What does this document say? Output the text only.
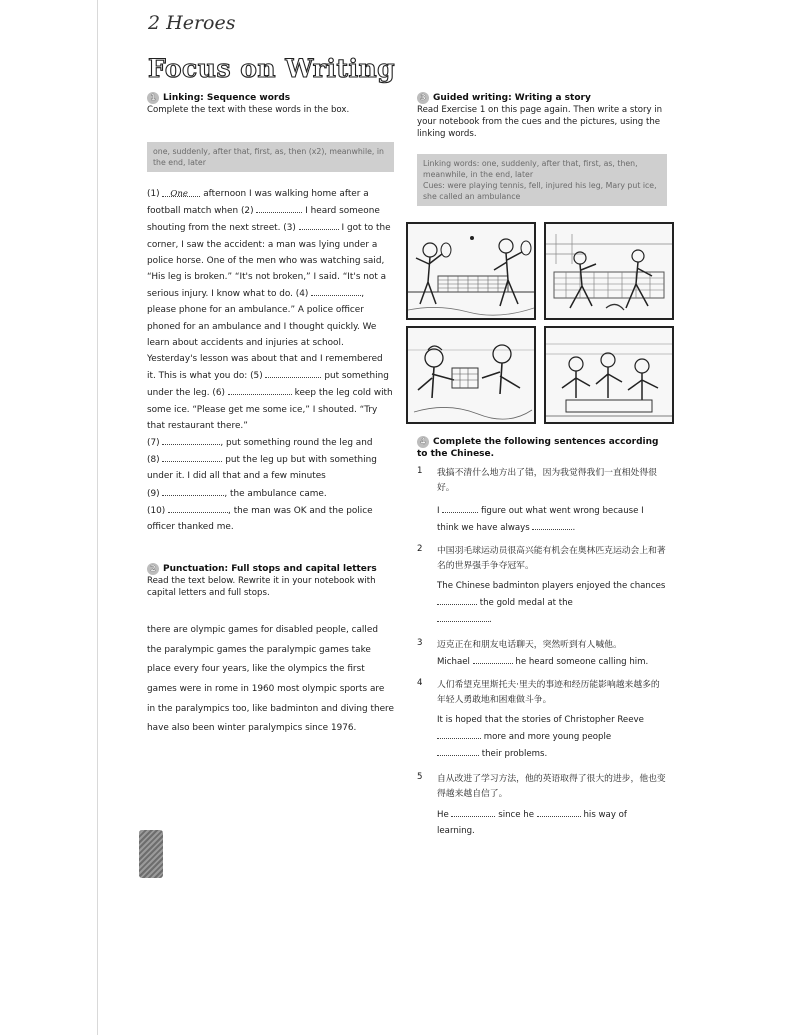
2 Heroes
Focus on Writing
1 Linking: Sequence words
Complete the text with these words in the box.
one, suddenly, after that, first, as, then (x2), meanwhile, in the end, later

(1) One afternoon I was walking home after a football match when (2)	I heard someone shouting from the next street. (3)	I got to the corner, I saw the accident: a man was lying under a police horse. One of the men who was watching said, “His leg is broken.” “It's not broken,” I said. “It's not a serious injury. I know what to do. (4)	, please phone for an ambulance.” A police officer phoned for an ambulance and I thought quickly. We learn about accidents and injuries at school. Yesterday's lesson was about that and I remembered it. This is what you do: (5)	put something under the leg. (6)	keep the leg cold with some ice. “Please get me some ice,” I shouted. “Try that restaurant there.”
(7)	, put something round the leg and
(8)	put the leg up but with something under it. I did all that and a few minutes
(9)	, the ambulance came.
(10)	, the man was OK and the police officer thanked me.

2 Punctuation: Full stops and capital letters
Read the text below. Rewrite it in your notebook with capital letters and full stops.

there are olympic games for disabled people, called the paralympic games the paralympic games take place every four years, like the olympics the first games were in rome in 1960 most olympic sports are in the paralympics too, like badminton and diving there have also been winter paralympics since 1976.

3 Guided writing: Writing a story
Read Exercise 1 on this page again. Then write a story in your notebook from the cues and the pictures, using the linking words.
Linking words: one, suddenly, after that, first, as, then, meanwhile, in the end, later
Cues: were playing tennis, fell, injured his leg, Mary put ice, she called an ambulance
4 Complete the following sentences according to the Chinese.
1 我搞不清什么地方出了错，因为我觉得我们一直相处得很好。
I	figure out what went wrong because I think we have always	.
2 中国羽毛球运动员很高兴能有机会在奥林匹克运动会上和著名的世界强手争夺冠军。
The Chinese badminton players enjoyed the chances  the gold medal at the
.
3 迈克正在和朋友电话聊天，突然听到有人喊他。
Michael	he heard someone calling him.
4 人们希望克里斯托夫·里夫的事迹和经历能影响越来越多的年轻人勇敢地和困难做斗争。
It is hoped that the stories of Christopher Reeve
more and more young people
their problems.
5 自从改进了学习方法，他的英语取得了很大的进步，他也变得越来越自信了。
He	since he	his way of learning.
